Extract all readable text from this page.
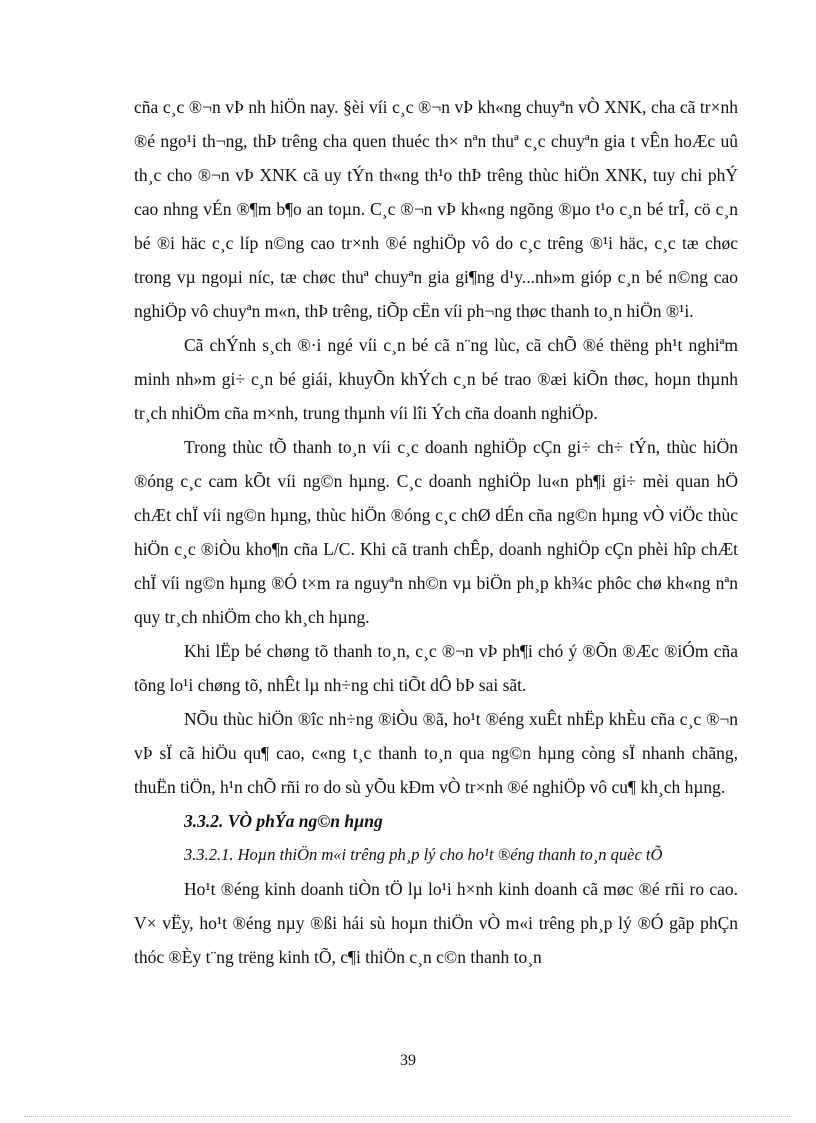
cña c¸c ®¬n vÞ nh hiÖn nay. §èi víi c¸c ®¬n vÞ kh«ng chuyªn vÒ XNK, cha cã tr×nh ®é ngo¹i th¬ng, thÞ trêng cha quen thuéc th× nªn thuª c¸c chuyªn gia t vÊn hoÆc uû th¸c cho ®¬n vÞ XNK cã uy tÝn th«ng th¹o thÞ trêng thùc hiÖn XNK, tuy chi phÝ cao nhng vÉn ®¶m b¶o an toµn. C¸c ®¬n vÞ kh«ng ngõng ®µo t¹o c¸n bé trÎ, cö c¸n bé ®i häc c¸c líp n©ng cao tr×nh ®é nghiÖp vô do c¸c trêng ®¹i häc, c¸c tæ chøc trong vµ ngoµi níc, tæ chøc thuª chuyªn gia gi¶ng d¹y...nh»m gióp c¸n bé n©ng cao nghiÖp vô chuyªn m«n, thÞ trêng, tiÕp cËn víi ph¬ng thøc thanh to¸n hiÖn ®¹i.

Cã chÝnh s¸ch ®·i ngé víi c¸n bé cã n¨ng lùc, cã chÕ ®é thëng ph¹t nghiªm minh nh»m gi÷ c¸n bé giái, khuyÕn khÝch c¸n bé trao ®æi kiÕn thøc, hoµn thµnh tr¸ch nhiÖm cña m×nh, trung thµnh víi lîi Ých cña doanh nghiÖp.

Trong thùc tÕ thanh to¸n víi c¸c doanh nghiÖp cÇn gi÷ ch÷ tÝn, thùc hiÖn ®óng c¸c cam kÕt víi ng©n hµng. C¸c doanh nghiÖp lu«n ph¶i gi÷ mèi quan hÖ chÆt chÏ víi ng©n hµng, thùc hiÖn ®óng c¸c chØ dÉn cña ng©n hµng vÒ viÖc thùc hiÖn c¸c ®iÒu kho¶n cña L/C. Khi cã tranh chÊp, doanh nghiÖp cÇn phèi hîp chÆt chÏ víi ng©n hµng ®Ó t×m ra nguyªn nh©n vµ biÖn ph¸p kh¾c phôc chø kh«ng nªn quy tr¸ch nhiÖm cho kh¸ch hµng.

Khi lËp bé chøng tõ thanh to¸n, c¸c ®¬n vÞ ph¶i chó ý ®Õn ®Æc ®iÓm cña tõng lo¹i chøng tõ, nhÊt lµ nh÷ng chi tiÕt dÔ bÞ sai sãt.

NÕu thùc hiÖn ®îc nh÷ng ®iÒu ®ã, ho¹t ®éng xuÊt nhËp khÈu cña c¸c ®¬n vÞ sÏ cã hiÖu qu¶ cao, c«ng t¸c thanh to¸n qua ng©n hµng còng sÏ nhanh chãng, thuËn tiÖn, h¹n chÕ rñi ro do sù yÕu kÐm vÒ tr×nh ®é nghiÖp vô cu¶ kh¸ch hµng.

3.3.2. VÒ phÝa ng©n hµng

3.3.2.1. Hoµn thiÖn m«i trêng ph¸p lý cho ho¹t ®éng thanh to¸n quèc tÕ

Ho¹t ®éng kinh doanh tiÒn tÖ lµ lo¹i h×nh kinh doanh cã møc ®é rñi ro cao. V× vËy, ho¹t ®éng nµy ®ßi hái sù hoµn thiÖn vÒ m«i trêng ph¸p lý ®Ó gãp phÇn thóc ®Èy t¨ng trëng kinh tÕ, c¶i thiÖn c¸n c©n thanh to¸n

39
